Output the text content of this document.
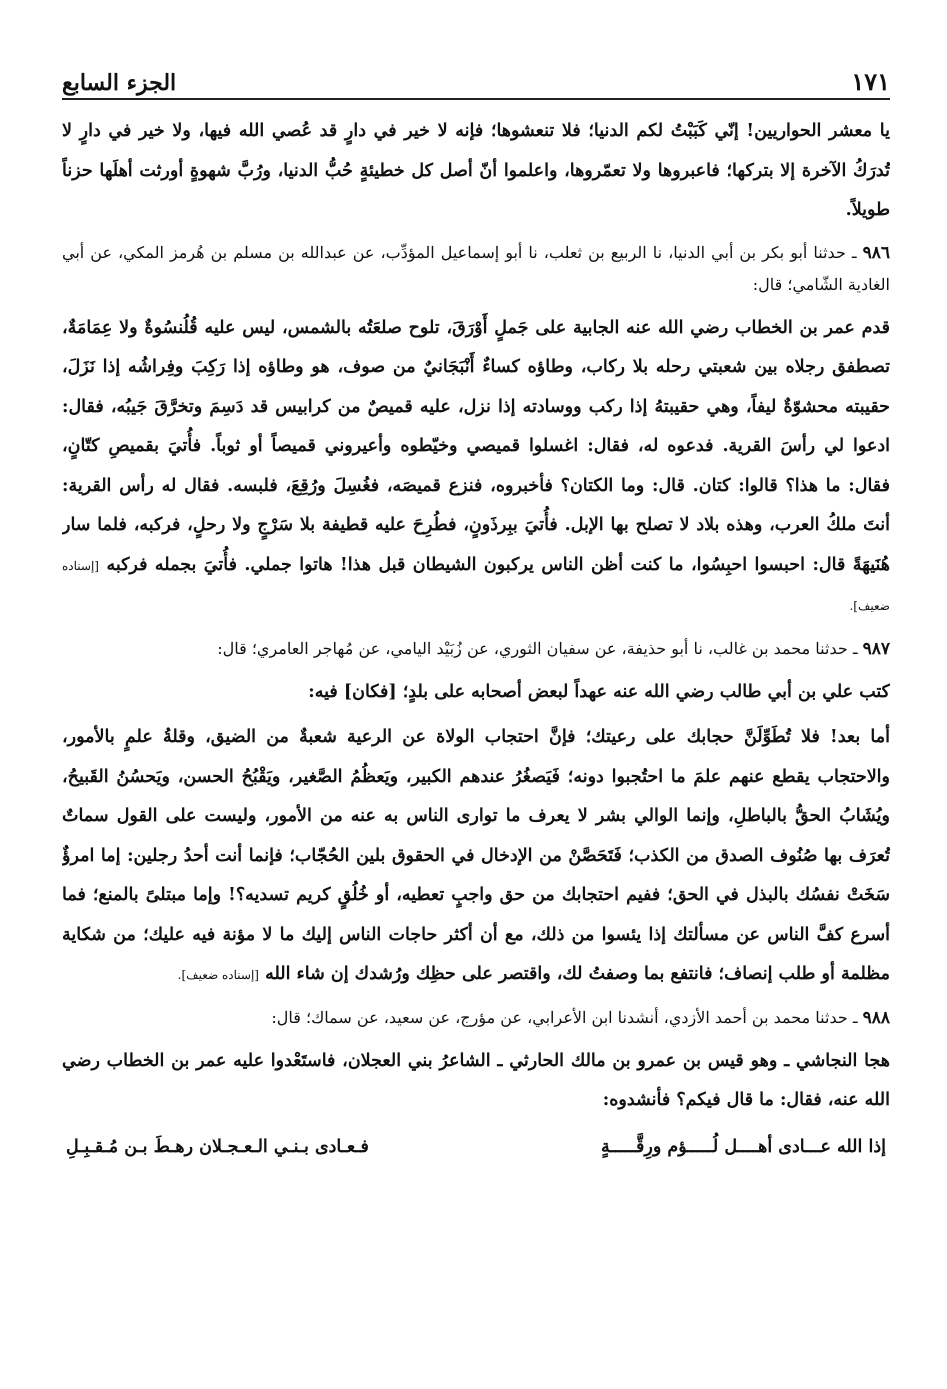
الجزء السابع	١٧١

يا معشر الحواريين! إنّي كَبَبْتُ لكم الدنيا؛ فلا تنعشوها؛ فإنه لا خير في دارٍ قد عُصي الله فيها، ولا خير في دارٍ لا تُدرَكُ الآخرة إلا بتركها؛ فاعبروها ولا تعمّروها، واعلموا أنّ أصل كل خطيئةٍ حُبُّ الدنيا، ورُبَّ شهوةٍ أورثت أهلَها حزناً طويلاً.

٩٨٦ ـ حدثنا أبو بكر بن أبي الدنيا، نا الربيع بن ثعلب، نا أبو إسماعيل المؤدِّب، عن عبدالله بن مسلم بن هُرمز المكي، عن أبي الغادية الشّامي؛ قال:

قدم عمر بن الخطاب رضي الله عنه الجابية على جَملٍ أَوْرَقَ، تلوح صلعَتُه بالشمس، ليس عليه قُلُنسُوةٌ ولا عِمَامَةٌ، تصطفق رجلاه بين شعبتي رحله بلا ركاب، وطاؤه كساءٌ أَنْبَجَانيٌ من صوف، هو وطاؤه إذا رَكِبَ وفِراشُه إذا نَزَلَ، حقيبته محشوّةٌ ليفاً، وهي حقيبتهُ إذا ركب ووسادته إذا نزل، عليه قميصٌ من كرابيس قد دَسِمَ وتخرَّقَ جَيبُه، فقال: ادعوا لي رأسَ القرية. فدعوه له، فقال: اغسلوا قميصي وخيّطوه وأعيروني قميصاً أو ثوباً. فأُتيَ بقميصِ كتّانٍ، فقال: ما هذا؟ قالوا: كتان. قال: وما الكتان؟ فأخبروه، فنزع قميصَه، فغُسِلَ ورُقِعَ، فلبسه. فقال له رأس القرية: أنتَ ملكُ العرب، وهذه بلاد لا تصلح بها الإبل. فأُتيَ ببِرذَونٍ، فطُرِحَ عليه قطيفة بلا سَرْجٍ ولا رحلٍ، فركبه، فلما سار هُنَيهَةً قال: احبسوا احبِسُوا، ما كنت أظن الناس يركبون الشيطان قبل هذا! هاتوا جملي. فأُتيَ بجمله فركبه [إسناده ضعيف].

٩٨٧ ـ حدثنا محمد بن غالب، نا أبو حذيفة، عن سفيان الثوري، عن زُبَيْد اليامي، عن مُهاجر العامري؛ قال:

كتب علي بن أبي طالب رضي الله عنه عهداً لبعض أصحابه على بلدٍ؛ [فكان] فيه:

أما بعد! فلا تُطَوِّلَنَّ حجابك على رعيتك؛ فإنَّ احتجاب الولاة عن الرعية شعبةٌ من الضيق، وقلةُ علمٍ بالأمور، والاحتجاب يقطع عنهم علمَ ما احتُجبوا دونه؛ فَيَصغُرُ عندهم الكبير، ويَعظُمُ الصَّغير، ويَقْبُحُ الحسن، ويَحسُنُ القَبيحُ، ويُشَابُ الحقُّ بالباطلِ، وإنما الوالي بشر لا يعرف ما توارى الناس به عنه من الأمور، وليست على القول سماتٌ تُعرَف بها صُنُوف الصدق من الكذب؛ فَتَحَصَّنْ من الإدخال في الحقوق بلين الحُجّاب؛ فإنما أنت أحدُ رجلين: إما امرؤٌ سَخَتْ نفسُك بالبذل في الحق؛ ففيم احتجابك من حق واجبٍ تعطيه، أو خُلُقٍ كريم تسديه؟! وإما مبتلىً بالمنع؛ فما أسرع كفَّ الناس عن مسألتك إذا يئسوا من ذلك، مع أن أكثر حاجات الناس إليك ما لا مؤنة فيه عليك؛ من شكاية مظلمة أو طلب إنصاف؛ فانتفع بما وصفتُ لك، واقتصر على حظِك ورُشدك إن شاء الله [إسناده ضعيف].

٩٨٨ ـ حدثنا محمد بن أحمد الأزدي، أنشدنا ابن الأعرابي، عن مؤرج، عن سعيد، عن سماك؛ قال:

هجا النجاشي ـ وهو قيس بن عمرو بن مالك الحارثي ـ الشاعرُ بني العجلان، فاستَعْدوا عليه عمر بن الخطاب رضي الله عنه، فقال: ما قال فيكم؟ فأنشدوه:

إذا الله عـــادى أهــــل لُـــــؤم ورِقَّـــــةٍ
فـعـادى بـنـي الـعـجـلان رهـطَ بـن مُـقـبِـلِ
